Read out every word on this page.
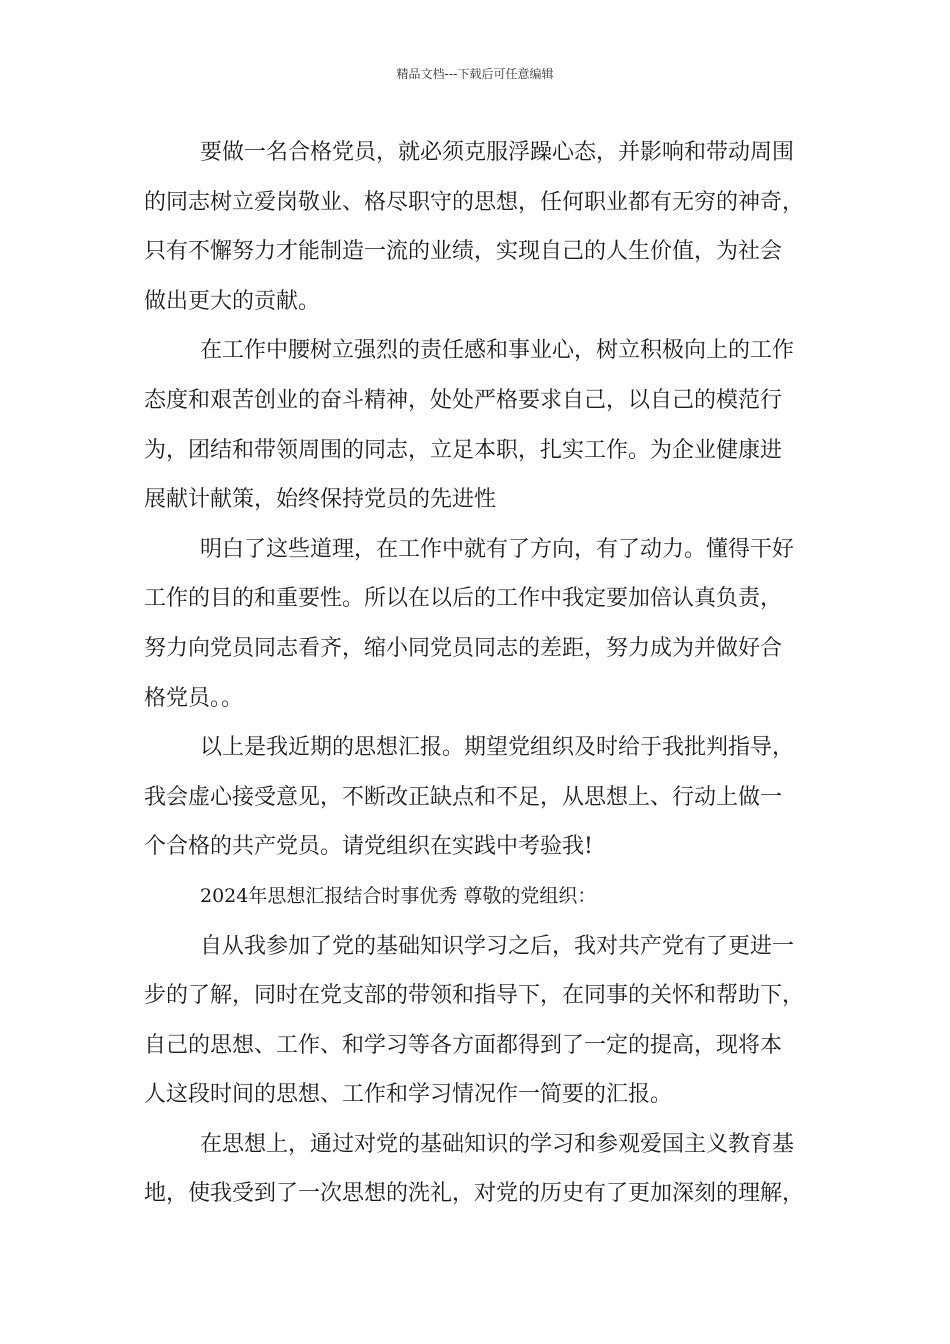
精品文档---下载后可任意编辑

要做一名合格党员，就必须克服浮躁心态，并影响和带动周围
的同志树立爱岗敬业、格尽职守的思想，任何职业都有无穷的神奇，
只有不懈努力才能制造一流的业绩，实现自己的人生价值，为社会
做出更大的贡献。

在工作中腰树立强烈的责任感和事业心，树立积极向上的工作
态度和艰苦创业的奋斗精神，处处严格要求自己，以自己的模范行
为，团结和带领周围的同志，立足本职，扎实工作。为企业健康进
展献计献策，始终保持党员的先进性

明白了这些道理，在工作中就有了方向，有了动力。懂得干好
工作的目的和重要性。所以在以后的工作中我定要加倍认真负责，
努力向党员同志看齐，缩小同党员同志的差距，努力成为并做好合
格党员。。

以上是我近期的思想汇报。期望党组织及时给于我批判指导，
我会虚心接受意见，不断改正缺点和不足，从思想上、行动上做一
个合格的共产党员。请党组织在实践中考验我!

2024年思想汇报结合时事优秀 尊敬的党组织：

自从我参加了党的基础知识学习之后，我对共产党有了更进一
步的了解，同时在党支部的带领和指导下，在同事的关怀和帮助下，
自己的思想、工作、和学习等各方面都得到了一定的提高，现将本
人这段时间的思想、工作和学习情况作一简要的汇报。

在思想上，通过对党的基础知识的学习和参观爱国主义教育基
地，使我受到了一次思想的洗礼，对党的历史有了更加深刻的理解，
